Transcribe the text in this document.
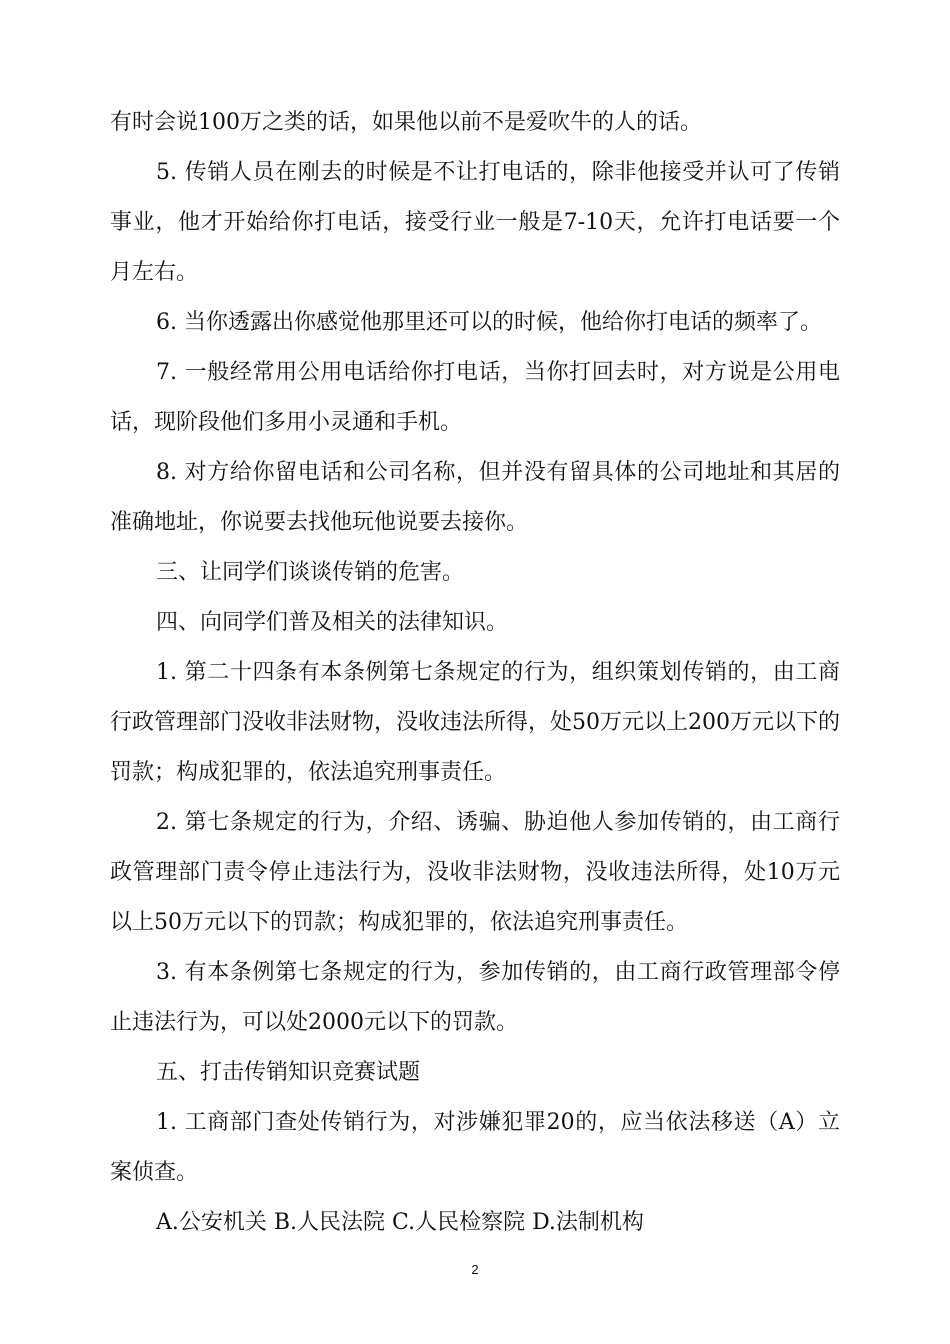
有时会说100万之类的话，如果他以前不是爱吹牛的人的话。

5. 传销人员在刚去的时候是不让打电话的，除非他接受并认可了传销事业，他才开始给你打电话，接受行业一般是7-10天，允许打电话要一个月左右。

6. 当你透露出你感觉他那里还可以的时候，他给你打电话的频率了。

7. 一般经常用公用电话给你打电话，当你打回去时，对方说是公用电话，现阶段他们多用小灵通和手机。

8. 对方给你留电话和公司名称，但并没有留具体的公司地址和其居的准确地址，你说要去找他玩他说要去接你。

三、让同学们谈谈传销的危害。

四、向同学们普及相关的法律知识。

1. 第二十四条有本条例第七条规定的行为，组织策划传销的，由工商行政管理部门没收非法财物，没收违法所得，处50万元以上200万元以下的罚款；构成犯罪的，依法追究刑事责任。

2. 第七条规定的行为，介绍、诱骗、胁迫他人参加传销的，由工商行政管理部门责令停止违法行为，没收非法财物，没收违法所得，处10万元以上50万元以下的罚款；构成犯罪的，依法追究刑事责任。

3. 有本条例第七条规定的行为，参加传销的，由工商行政管理部令停止违法行为，可以处2000元以下的罚款。

五、打击传销知识竞赛试题

1. 工商部门查处传销行为，对涉嫌犯罪20的，应当依法移送（A）立案侦查。

A.公安机关 B.人民法院 C.人民检察院 D.法制机构

2
